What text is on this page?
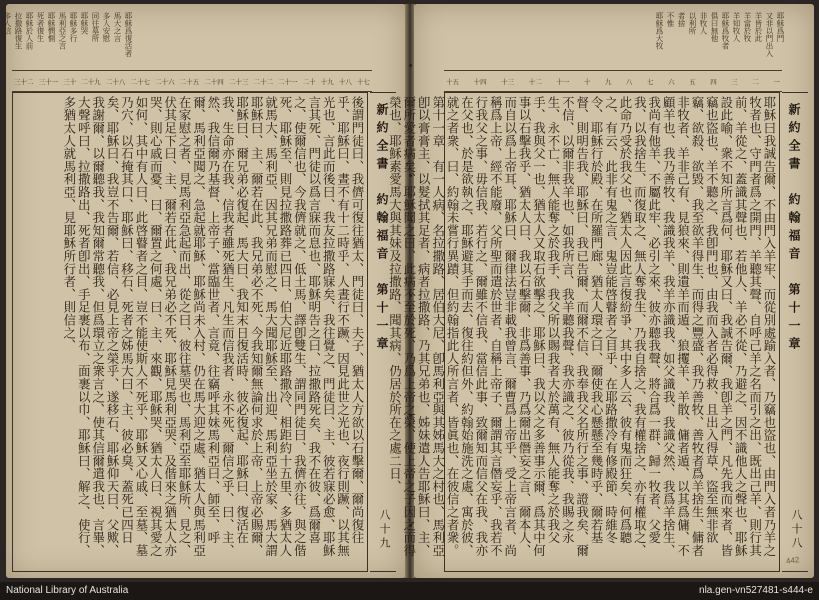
耶穌爲復活者
馬大之言
多人安慰
同往墓所
耶穌哭
耶穌多行
馬利亞之言
耶穌憫惻
死者復生
耶穌於人前
拉撒路復生
多人信
十七
十八
十九
二十
二十一
二十二
二十三
二十四
二十五
二十六
二十七
二十八
二十九
三十
三十一
三十二
後謂門徒曰、我儕可復往猶太、門徒曰、夫子、猶太人方欲以石擊爾、爾尚復往乎、耶穌曰、晝不有十二時乎、人晝行不蹶、因見此世之光也、夜行則蹶、以其無光也、言此而後曰、我友拉撒路寐矣、我往覺之、門徒曰、主、彼若寐必愈、耶穌言其死、門徒以爲言寐而息也、耶穌明告之曰、拉撒路死矣、我不在彼、爲爾喜之、使爾信也、今我儕就之、低土馬、譯卽雙生、謂同門徒曰、我儕亦往、與之偕死、耶穌至、則見拉撒路葬已四日、伯大尼近耶路撒冷、相距約十五里、多猶太人就馬大、馬利亞、因其兄弟而慰之、馬大聞耶穌至、出迎、馬利亞坐於家、馬大謂耶穌曰、主、爾若在此、我兄弟必不死、今我知爾無論何求於上帝、上帝必賜爾、耶穌曰、爾兄弟必復起、馬大曰、我知末日復活時、彼必復起、耶穌曰、復活在我、生命亦在我、信我者雖死猶生、凡生而信我者、永不死、爾信之乎、曰、主、然、我信爾乃基督、上帝子、當臨世者、言竟、往竊呼其妹馬利亞曰、師至、呼爾、馬利亞聞之、急起就耶穌、耶穌尚未入村、仍在馬大迎之處、猶太人與馬利亞在家慰之者、見馬利亞急起而出、從之曰、彼往墓哭也、馬利亞至耶穌所、見之、伏其足下曰、主、爾若在此、我兄弟必不死、耶穌見馬利亞哭、及偕來之猶太人亦哭、則心戚而憂、曰、爾置之何處、曰、主、來觀、耶穌哭、猶太人曰、視其愛之如何、其中有人曰、此啓瞽者之目、豈不能使斯人不死乎、耶穌又心戚、至墓、墓乃穴、以石掩其口、耶穌曰、移石、死者之姊馬大曰、主、彼必臭、蓋死已四日矣、耶穌曰、我豈不告爾、若信、必見上帝之榮乎、遂移石、耶穌仰天曰、父歟、我謝爾、以爾聽我、我知爾常聽我、但爲環立之衆言之、使其信爾遣我也、言畢、大聲呼曰、拉撒路出、死者卽出、手足裹以布、面裹以巾、耶穌曰、解之、使行、多猶太人就馬利亞、見耶穌所行者、則信之、	新約全書　約翰福音　第十一章
八十九
耶穌爲門
又非以門出入
羊皆於此
羊當於牧
羊知牧人
耶穌爲牧者
俱曰無他
非牧人
以利所
者捨
不惟
耶穌爲大牧
一
二
三
四
五
六
七
八
九
十
十一
十二
十三
十四
十五
耶穌曰我誠告爾、不由門入羊牢、而從別處踰入者、乃竊也盜也、由門入者乃羊之牧者也、守門者爲之開門、羊聽其聲、自呼己羊之名而引之出、既出己羊、則行其前、羊從之、蓋識其聲也、若他人、羊必不從、乃避之、因不識他人之聲也、耶穌設此喻、衆不知所言爲何、耶穌又曰、我誠告爾、我卽羊之門、凡先我而來者、皆竊也盜也、羊不聽之、我卽門也、由我而入者必得救、且出入得草、盜至無非欲竊、欲殺、欲毀、我至欲羊得生、而得之豐盛、我乃善牧、善牧者爲羊捨生、傭者非牧者、羊非己有、見狼來、則遺羊而遁、狼攫羊、羊散、傭者遁、以其爲傭、不顧羊也、我乃善牧、我識我羊、我羊亦識我、如父識我、我識父然、我爲羊捨生、我尚有他羊、不屬此牢、必引之來、彼亦聽我聲、將合爲一群、歸一牧者、父愛我、以我捨生、而復取之、無人奪我生、乃我自捨之、我有權捨之、亦有權取之、此命乃受於我父也、猶太人因此言復紛爭、其中多人云、彼有鬼而狂矣、何爲聽之、有云、此非有鬼之言、鬼豈能啓瞽者之目乎、在耶路撒冷有修殿節、時維冬令、耶穌行於殿、在所羅門廊、猶太人環之曰、爾使我心懸懸至幾時乎、爾若基督、則明告我、耶穌曰、我已告爾、而爾不信、我奉我父名所行之事、證我矣、爾不信、以爾非我羊也、如我所言、我羊聽我聲、我亦識之、彼乃從我、我賜之永生、永不亡、無人能奪之於我手、我父所以賜我者大於萬有、無人能奪之於我父手、我與父一也、猶太人又取石欲擊之、耶穌曰、我以父之多善事示爾、爲其中何事以石擊我乎、猶太人曰、我以石擊爾、非爲善事、乃爲爾出僭妄之言、爾本人、而自以爲上帝耳、耶穌曰、爾律法豈非載我曾言、爾曹爲上帝乎、受上帝言者、尚稱爲上帝、經不能廢、父所聖而遣於世者、自稱上帝子、爾謂其言僭妄乎、我若不行我父之事、毋信我、若行之、爾雖不信我、當信此事、致爾知而信父在我、我亦在父也、於是欲執之、耶穌避其手而去、復往約但外、約翰始施洗之處、寓於彼、就之者衆、曰、約翰未嘗行異蹟、但約翰指此人所言者、皆眞也、在彼信之者衆。第十一章　有一人病、名拉撒路、居伯大尼、卽馬利亞與其姊馬大之村也、馬利亞卽以膏膏主、以髮拭其足者、病者拉撒路、乃其兄弟也、姊妹遣人告耶穌曰、主、爾所愛者病矣、耶穌聞之曰、此病不至於死、乃爲上帝之榮、使上帝之子因之而得榮也、耶穌素愛馬大與其妹及拉撒路、聞其病、仍居於所在之處二日、	新約全書　約翰福音　第十一章
八十八
442
National Library of Australia	nla.gen-vn527481-s444-e
